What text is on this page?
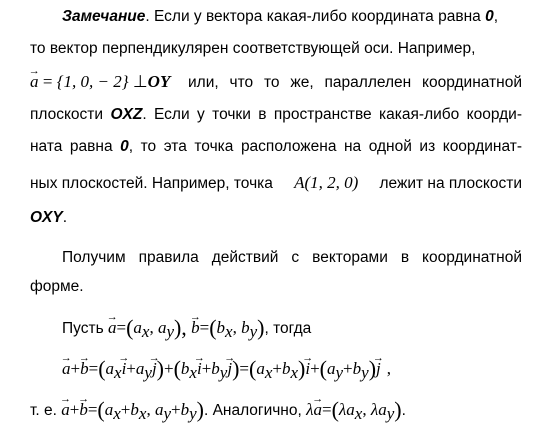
Замечание. Если у вектора какая-либо координата равна 0,
то вектор перпендикулярен соответствующей оси. Например,
→ a = {1, 0, − 2} ⊥OY или, что то же, параллелен координатной
плоскости OXZ. Если у точки в пространстве какая-либо коорди-
ната равна 0, то эта точка расположена на одной из координат-
ных плоскостей. Например, точка A(1, 2, 0) лежит на плоскости
OXY.
Получим правила действий с векторами в координатной
форме.
Пусть → $a=(a_x$, $a_y$), → $b=(b_x$, $b_y$), тогда
→ $a+\to b=(a_x\to i+a_y\to j)+(b_x\to i+b_y\to j)=(a_x+b_x)\to i+(a_y+b_y)\to j$ ,
т. е. → $a+\to b=(a_x+b_x$, $a_y+b_y$). Аналогично, $\lambda\to a=(\lambda a_x$, $\lambda a_y$).
